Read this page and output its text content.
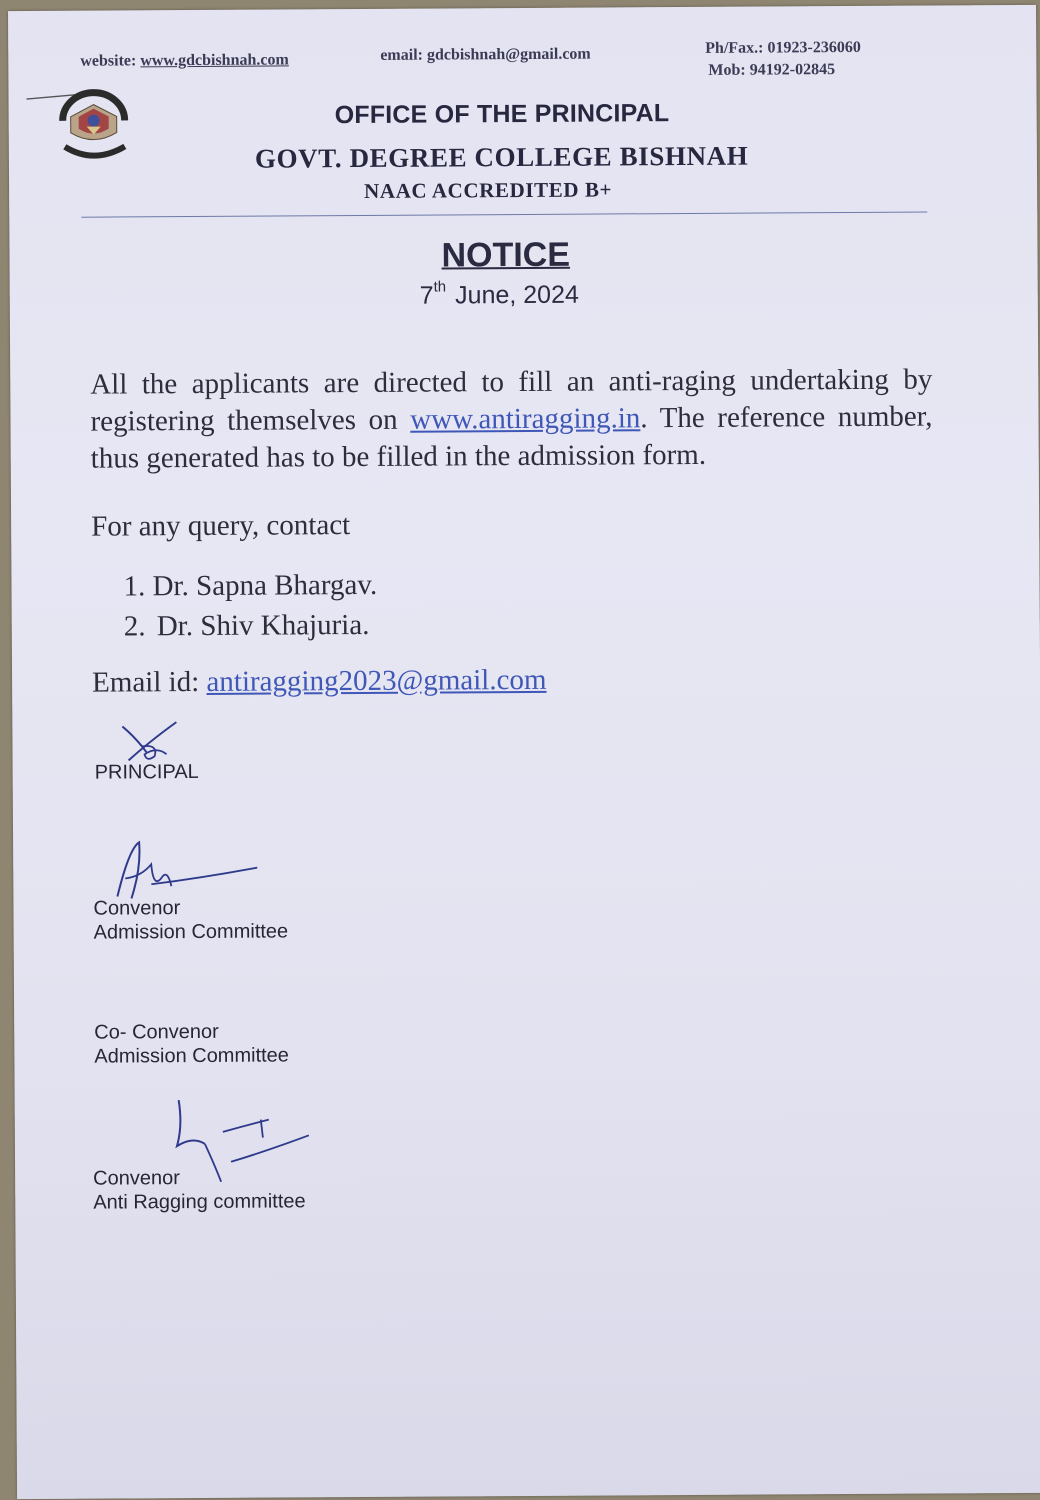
website: www.gdcbishnah.com	email: gdcbishnah@gmail.com	Ph/Fax.: 01923-236060
Mob: 94192-02845
OFFICE OF THE PRINCIPAL
GOVT. DEGREE COLLEGE BISHNAH
NAAC ACCREDITED B+
NOTICE
7th June, 2024
All the applicants are directed to fill an anti-raging undertaking by registering themselves on www.antiragging.in. The reference number, thus generated has to be filled in the admission form.
For any query, contact
1. Dr. Sapna Bhargav.
2. Dr. Shiv Khajuria.
Email id: antiragging2023@gmail.com
PRINCIPAL
Convenor
Admission Committee
Co- Convenor
Admission Committee
Convenor
Anti Ragging committee
